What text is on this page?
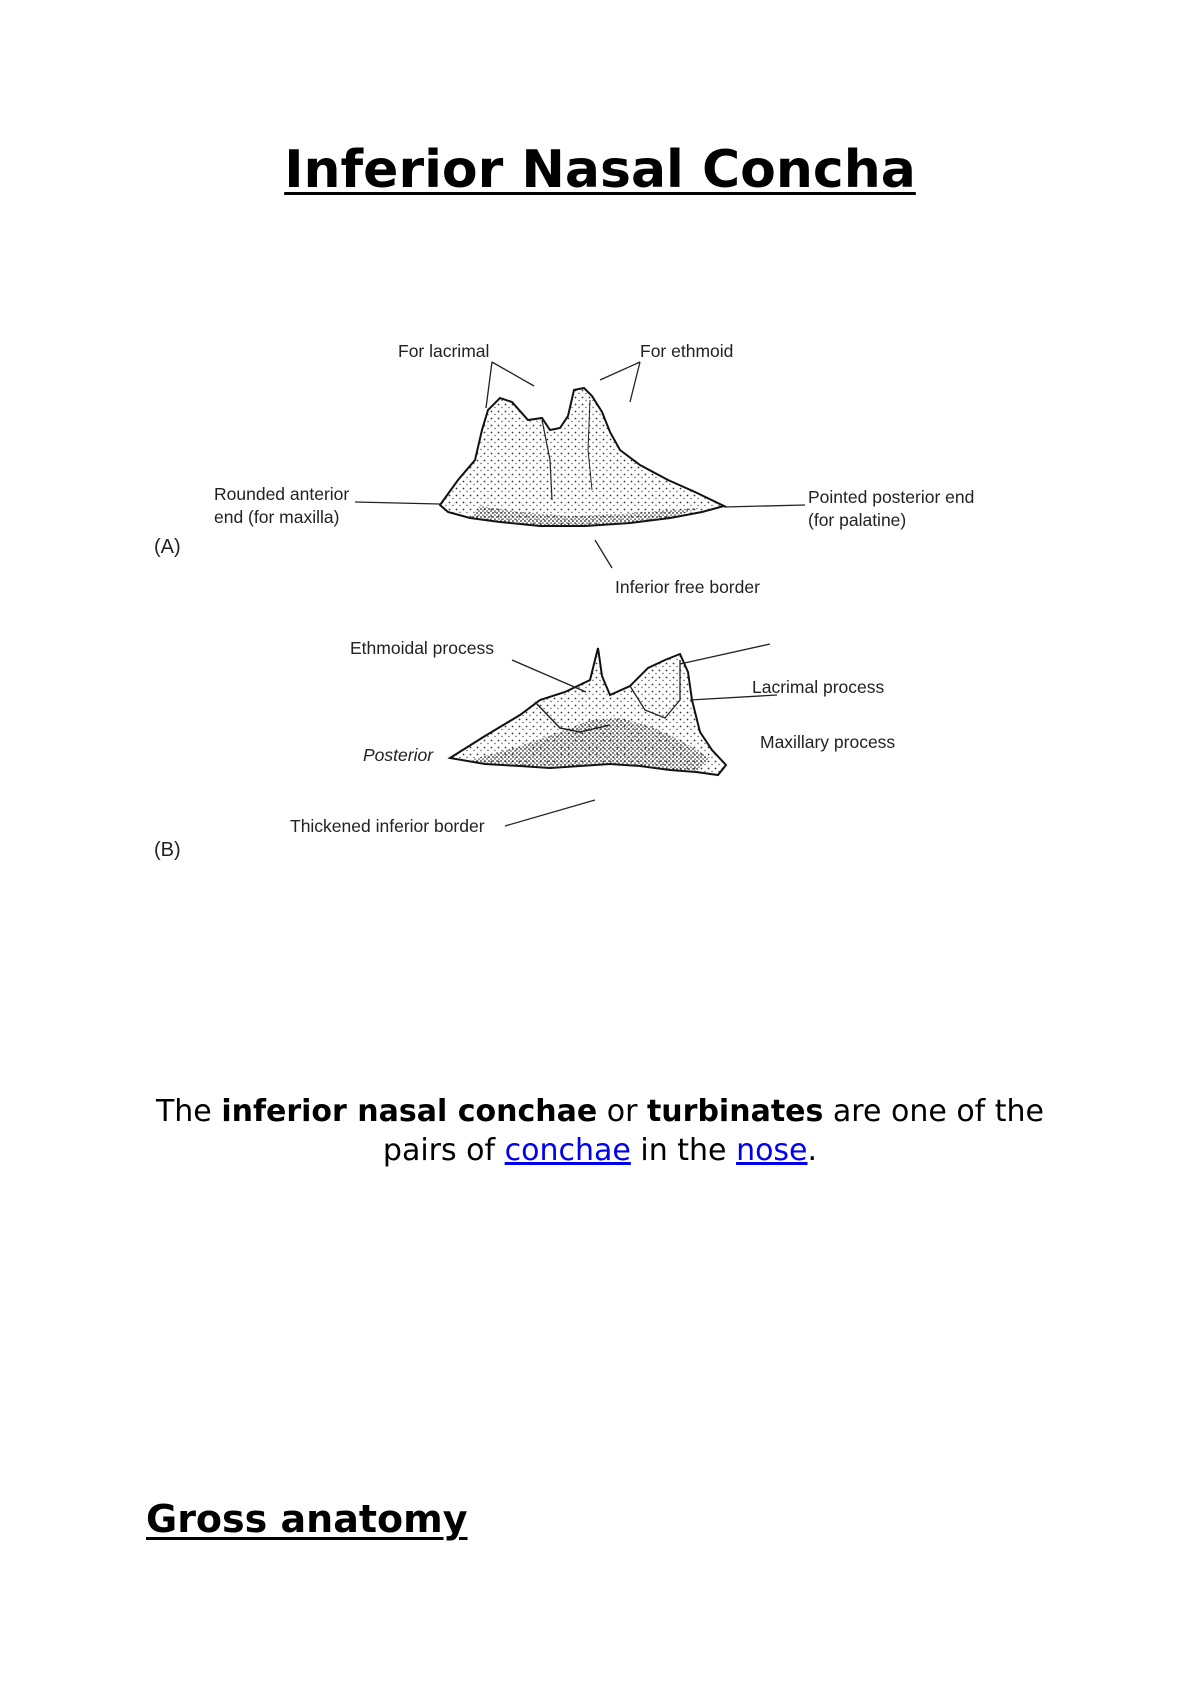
Inferior Nasal Concha
(A)
For lacrimal	For ethmoid
Rounded anterior
end (for maxilla)
Pointed posterior end
(for palatine)
Inferior free border
(B)
Ethmoidal process
Lacrimal process
Maxillary process
Posterior
Thickened inferior border

The inferior nasal conchae or turbinates are one of the pairs of conchae in the nose.

Gross anatomy
